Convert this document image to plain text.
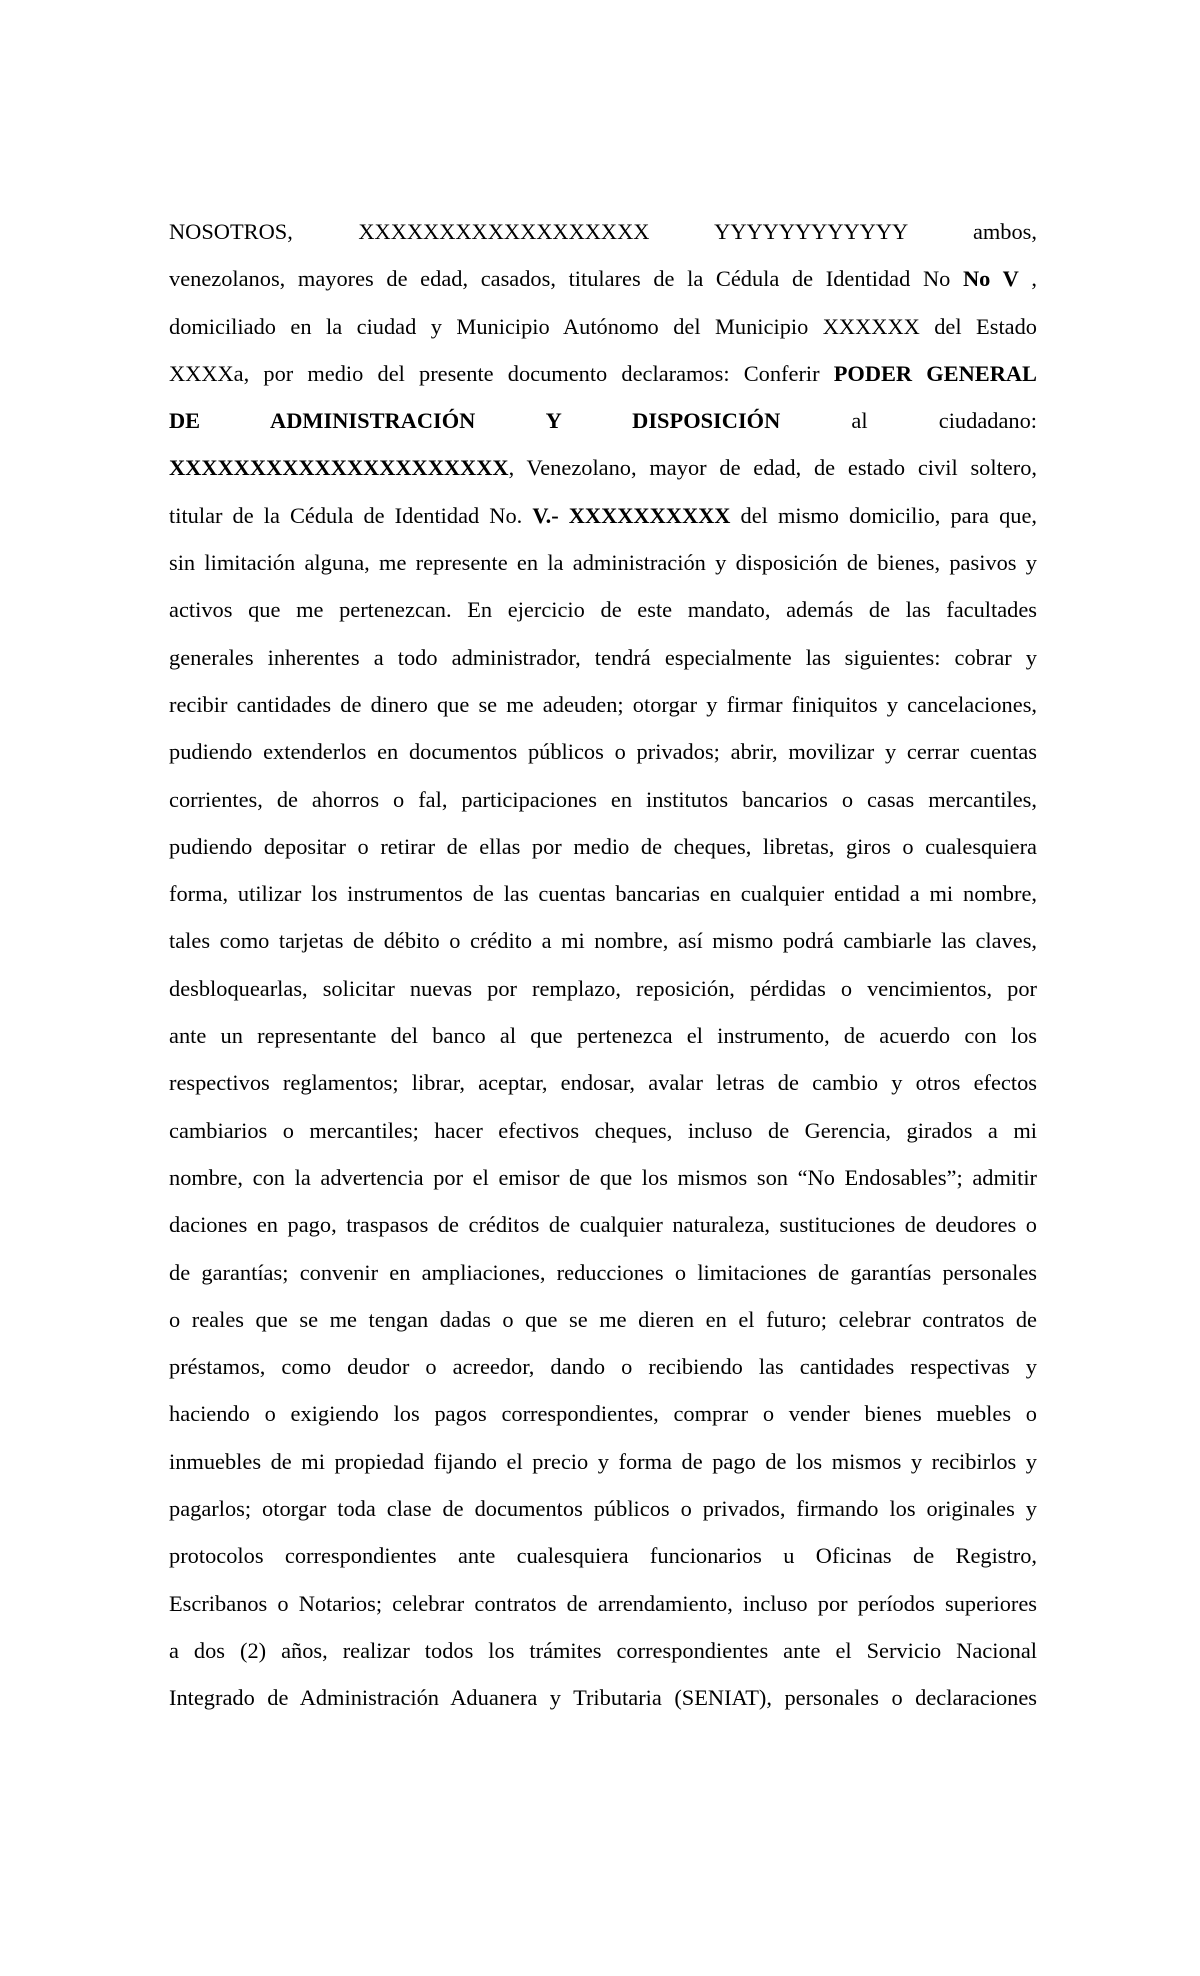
NOSOTROS, XXXXXXXXXXXXXXXXXX YYYYYYYYYYYY ambos,
venezolanos, mayores de edad, casados, titulares de la Cédula de Identidad No No V ,
domiciliado en la ciudad y Municipio Autónomo del Municipio XXXXXX del Estado
XXXXa, por medio del presente documento declaramos: Conferir PODER GENERAL
DE ADMINISTRACIÓN Y DISPOSICIÓN al ciudadano:
XXXXXXXXXXXXXXXXXXXXX, Venezolano, mayor de edad, de estado civil soltero,
titular de la Cédula de Identidad No. V.- XXXXXXXXXX del mismo domicilio, para que,
sin limitación alguna, me represente en la administración y disposición de bienes, pasivos y
activos que me pertenezcan. En ejercicio de este mandato, además de las facultades
generales inherentes a todo administrador, tendrá especialmente las siguientes: cobrar y
recibir cantidades de dinero que se me adeuden; otorgar y firmar finiquitos y cancelaciones,
pudiendo extenderlos en documentos públicos o privados; abrir, movilizar y cerrar cuentas
corrientes, de ahorros o fal, participaciones en institutos bancarios o casas mercantiles,
pudiendo depositar o retirar de ellas por medio de cheques, libretas, giros o cualesquiera
forma, utilizar los instrumentos de las cuentas bancarias en cualquier entidad a mi nombre,
tales como tarjetas de débito o crédito a mi nombre, así mismo podrá cambiarle las claves,
desbloquearlas, solicitar nuevas por remplazo, reposición, pérdidas o vencimientos, por
ante un representante del banco al que pertenezca el instrumento, de acuerdo con los
respectivos reglamentos; librar, aceptar, endosar, avalar letras de cambio y otros efectos
cambiarios o mercantiles; hacer efectivos cheques, incluso de Gerencia, girados a mi
nombre, con la advertencia por el emisor de que los mismos son “No Endosables”; admitir
daciones en pago, traspasos de créditos de cualquier naturaleza, sustituciones de deudores o
de garantías; convenir en ampliaciones, reducciones o limitaciones de garantías personales
o reales que se me tengan dadas o que se me dieren en el futuro; celebrar contratos de
préstamos, como deudor o acreedor, dando o recibiendo las cantidades respectivas y
haciendo o exigiendo los pagos correspondientes, comprar o vender bienes muebles o
inmuebles de mi propiedad fijando el precio y forma de pago de los mismos y recibirlos y
pagarlos; otorgar toda clase de documentos públicos o privados, firmando los originales y
protocolos correspondientes ante cualesquiera funcionarios u Oficinas de Registro,
Escribanos o Notarios; celebrar contratos de arrendamiento, incluso por períodos superiores
a dos (2) años, realizar todos los trámites correspondientes ante el Servicio Nacional
Integrado de Administración Aduanera y Tributaria (SENIAT), personales o declaraciones
